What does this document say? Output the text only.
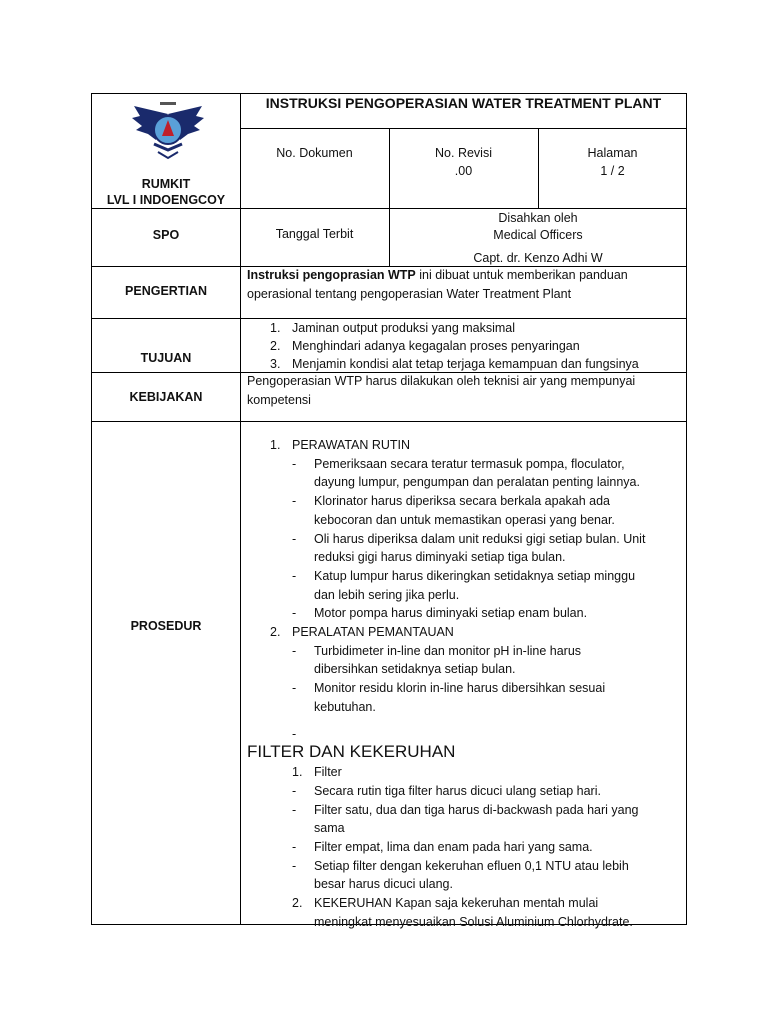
RUMKIT
LVL I INDOENGCOY
INSTRUKSI PENGOPERASIAN WATER TREATMENT PLANT
No. Dokumen	No. Revisi
.00
Halaman
1 / 2
SPO	Tanggal Terbit
Disahkan oleh
Medical Officers
Capt. dr. Kenzo Adhi W
PENGERTIAN
Instruksi pengoprasian WTP ini dibuat untuk memberikan panduan
operasional tentang pengoperasian Water Treatment Plant
TUJUAN
1. Jaminan output produksi yang maksimal
2. Menghindari adanya kegagalan proses penyaringan
3. Menjamin kondisi alat tetap terjaga kemampuan dan fungsinya
KEBIJAKAN
Pengoperasian WTP harus dilakukan oleh teknisi air yang mempunyai
kompetensi
PROSEDUR
1. PERAWATAN RUTIN
- Pemeriksaan secara teratur termasuk pompa, floculator,
dayung lumpur, pengumpan dan peralatan penting lainnya.
- Klorinator harus diperiksa secara berkala apakah ada
kebocoran dan untuk memastikan operasi yang benar.
- Oli harus diperiksa dalam unit reduksi gigi setiap bulan. Unit
reduksi gigi harus diminyaki setiap tiga bulan.
- Katup lumpur harus dikeringkan setidaknya setiap minggu
dan lebih sering jika perlu.
- Motor pompa harus diminyaki setiap enam bulan.
2. PERALATAN PEMANTAUAN
- Turbidimeter in-line dan monitor pH in-line harus
dibersihkan setidaknya setiap bulan.
- Monitor residu klorin in-line harus dibersihkan sesuai
kebutuhan.
-

FILTER DAN KEKERUHAN
1. Filter
- Secara rutin tiga filter harus dicuci ulang setiap hari.
- Filter satu, dua dan tiga harus di-backwash pada hari yang
sama
- Filter empat, lima dan enam pada hari yang sama.
- Setiap filter dengan kekeruhan efluen 0,1 NTU atau lebih
besar harus dicuci ulang.
2. KEKERUHAN Kapan saja kekeruhan mentah mulai
meningkat menyesuaikan Solusi Aluminium Chlorhydrate.
